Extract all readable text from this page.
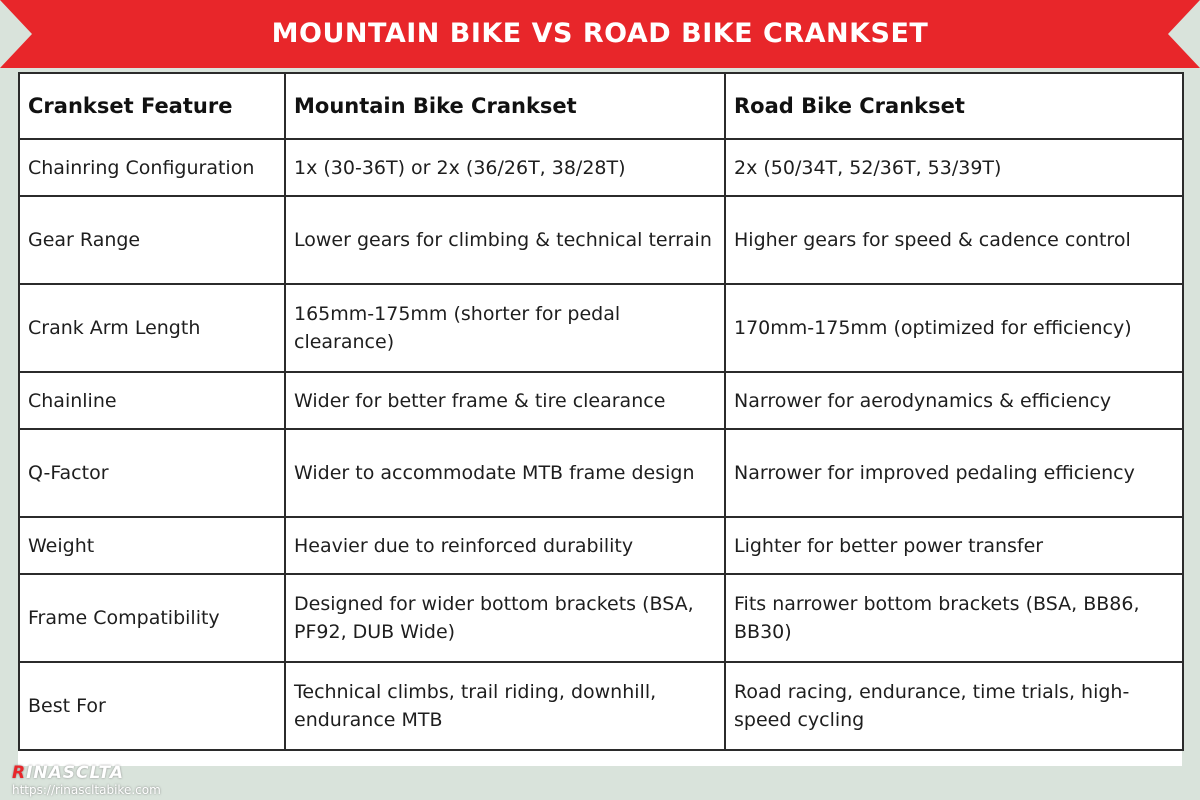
MOUNTAIN BIKE VS ROAD BIKE CRANKSET
Crankset Feature	Mountain Bike Crankset	Road Bike Crankset
Chainring Configuration	1x (30-36T) or 2x (36/26T, 38/28T)	2x (50/34T, 52/36T, 53/39T)
Gear Range	Lower gears for climbing & technical terrain	Higher gears for speed & cadence control
Crank Arm Length	165mm-175mm (shorter for pedal clearance)	170mm-175mm (optimized for efficiency)
Chainline	Wider for better frame & tire clearance	Narrower for aerodynamics & efficiency
Q-Factor	Wider to accommodate MTB frame design	Narrower for improved pedaling efficiency
Weight	Heavier due to reinforced durability	Lighter for better power transfer
Frame Compatibility	Designed for wider bottom brackets (BSA, PF92, DUB Wide)	Fits narrower bottom brackets (BSA, BB86, BB30)
Best For	Technical climbs, trail riding, downhill, endurance MTB	Road racing, endurance, time trials, high-speed cycling
RINASCLTA
https://rinascltabike.com
